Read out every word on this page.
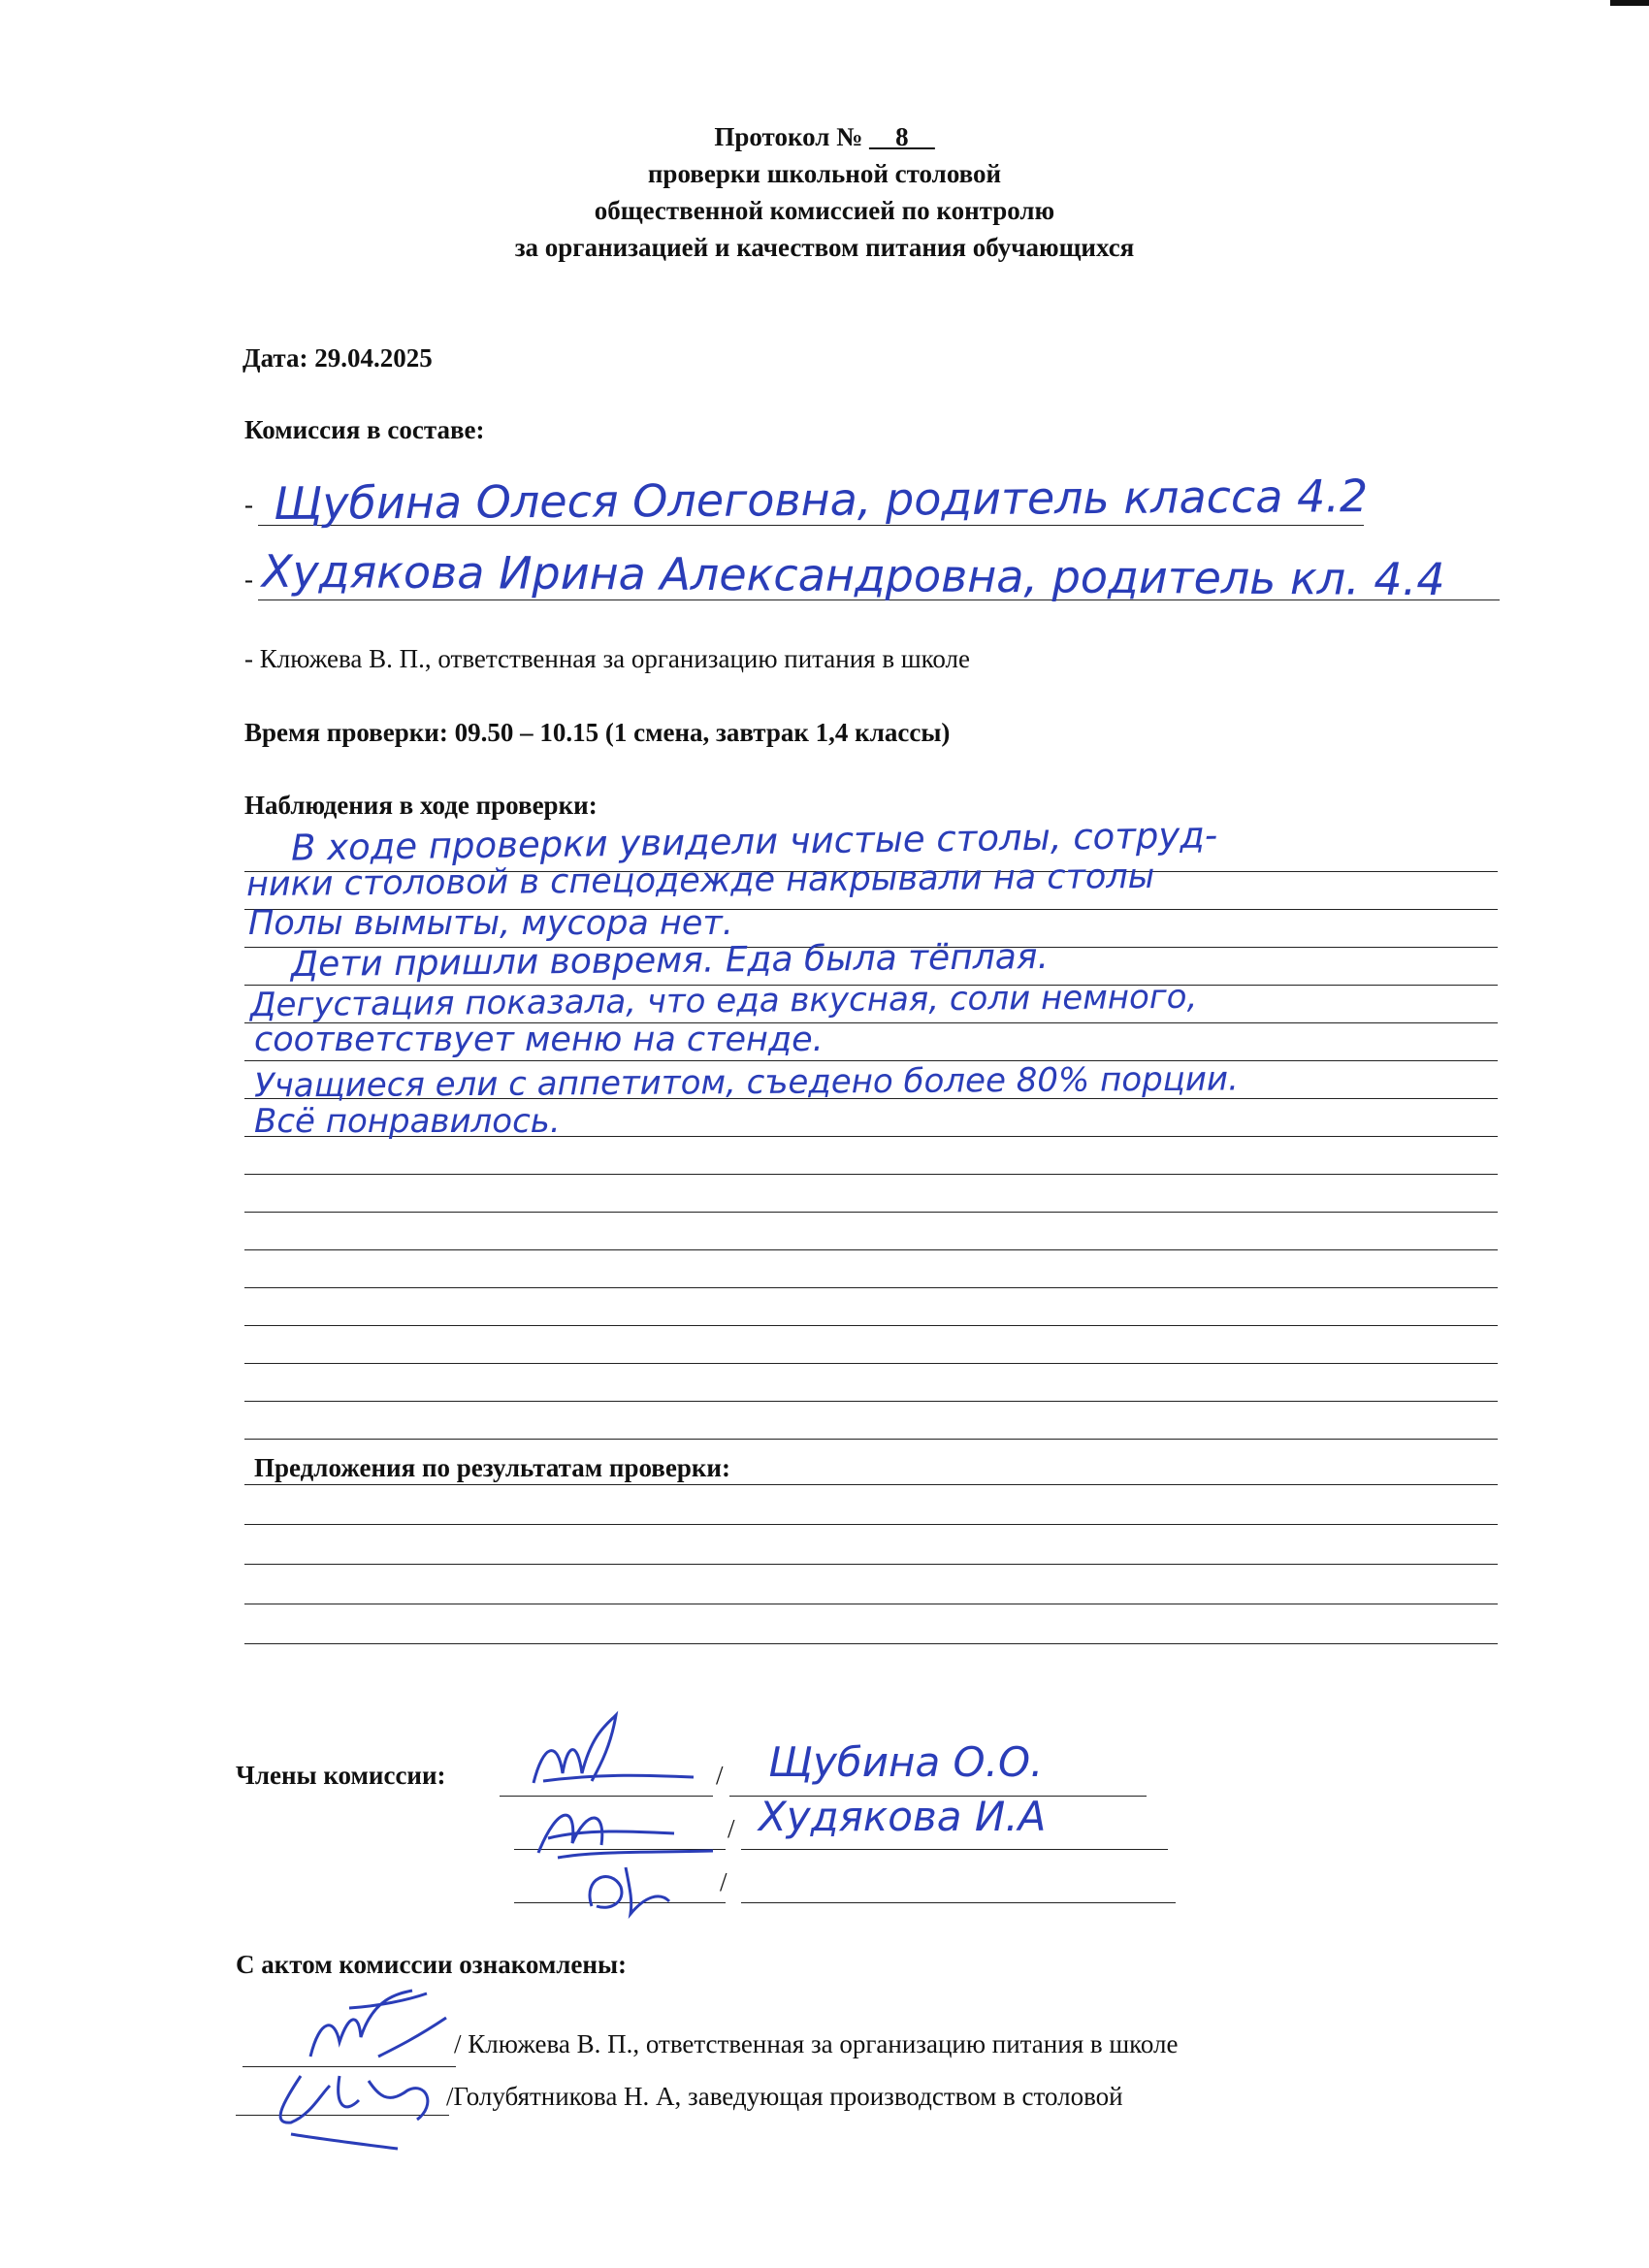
Протокол № __8__
проверки школьной столовой
общественной комиссией по контролю
за организацией и качеством питания обучающихся
Дата: 29.04.2025
Комиссия в составе:
- Щубина Олеся Олеговна, родитель класса 4.2
- Худякова Ирина Александровна, родитель кл. 4.4
- Клюжева В. П., ответственная за организацию питания в школе
Время проверки: 09.50 – 10.15 (1 смена, завтрак 1,4 классы)
Наблюдения в ходе проверки:
В ходе проверки увидели чистые столы, сотруд-
ники столовой в спецодежде накрывали на столы
Полы вымыты, мусора нет.
Дети пришли вовремя. Еда была тёплая.
Дегустация показала, что еда вкусная, соли немного,
соответствует меню на стенде.
Учащиеся ели с аппетитом, съедено более 80% порции.
Всё понравилось.
Предложения по результатам проверки:
Члены комиссии:	/ Щубина О.О.
/ Худякова И.А
/
С актом комиссии ознакомлены:
/ Клюжева В. П., ответственная за организацию питания в школе
/Голубятникова Н. А, заведующая производством в столовой
